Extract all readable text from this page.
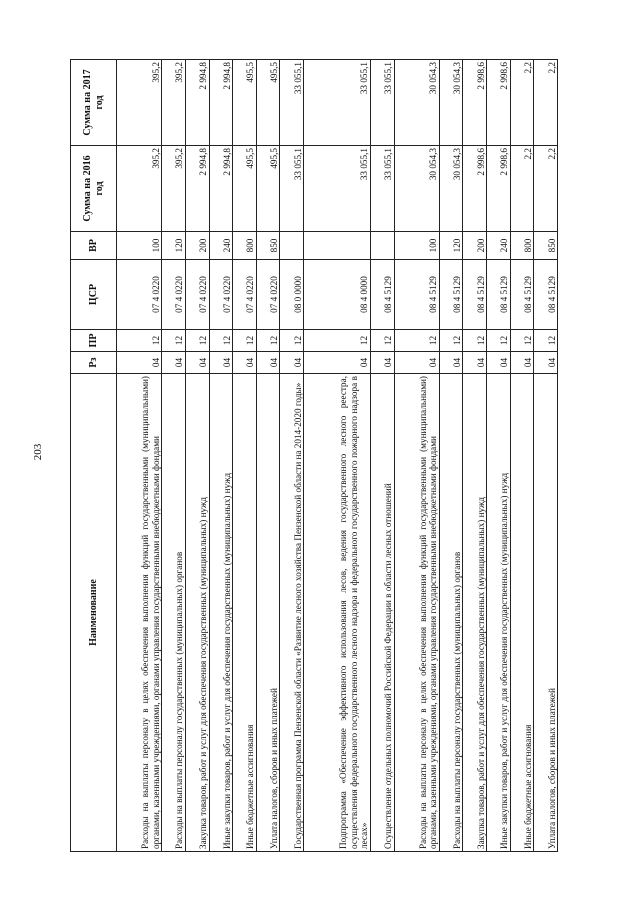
203
Наименование	Рз	ПР	ЦСР	ВР	Сумма на 2016 год	Сумма на 2017 год
Расходы на выплаты персоналу в целях обеспечения выполнения функций государственными (муниципальными) органами, казенными учреждениями, органами управления государственными внебюджетными фондами	04	12	07 4 0220	100	395,2	395,2
Расходы на выплаты персоналу государственных (муниципальных) органов	04	12	07 4 0220	120	395,2	395,2
Закупка товаров, работ и услуг для обеспечения государственных (муниципальных) нужд	04	12	07 4 0220	200	2 994,8	2 994,8
Иные закупки товаров, работ и услуг для обеспечения государственных (муниципальных) нужд	04	12	07 4 0220	240	2 994,8	2 994,8
Иные бюджетные ассигнования	04	12	07 4 0220	800	495,5	495,5
Уплата налогов, сборов и иных платежей	04	12	07 4 0220	850	495,5	495,5
Государственная программа Пензенской области «Развитие лесного хозяйства Пензенской области на 2014-2020 годы»	04	12	08 0 0000		33 055,1	33 055,1
Подпрограмма «Обеспечение эффективного использования лесов, ведения государственного лесного реестра, осуществления федерального государственного лесного надзора и федерального государственного пожарного надзора в лесах»	04	12	08 4 0000		33 055,1	33 055,1
Осуществление отдельных полномочий Российской Федерации в области лесных отношений	04	12	08 4 5129		33 055,1	33 055,1
Расходы на выплаты персоналу в целях обеспечения выполнения функций государственными (муниципальными) органами, казенными учреждениями, органами управления государственными внебюджетными фондами	04	12	08 4 5129	100	30 054,3	30 054,3
Расходы на выплаты персоналу государственных (муниципальных) органов	04	12	08 4 5129	120	30 054,3	30 054,3
Закупка товаров, работ и услуг для обеспечения государственных (муниципальных) нужд	04	12	08 4 5129	200	2 998,6	2 998,6
Иные закупки товаров, работ и услуг для обеспечения государственных (муниципальных) нужд	04	12	08 4 5129	240	2 998,6	2 998,6
Иные бюджетные ассигнования	04	12	08 4 5129	800	2,2	2,2
Уплата налогов, сборов и иных платежей	04	12	08 4 5129	850	2,2	2,2
